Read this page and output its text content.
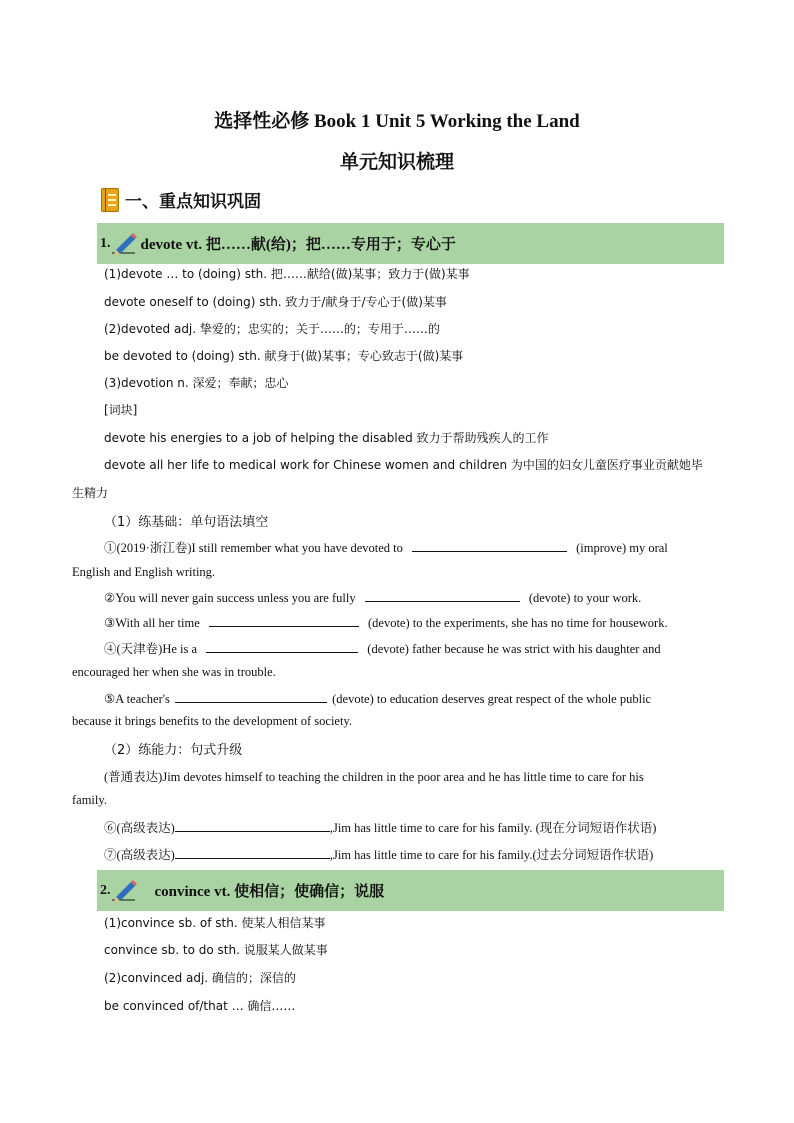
选择性必修 Book 1 Unit 5 Working the Land
单元知识梳理
一、重点知识巩固
1. devote vt. 把……献(给)；把……专用于；专心于
(1)devote … to (doing) sth. 把……献给(做)某事；致力于(做)某事
devote oneself to (doing) sth. 致力于/献身于/专心于(做)某事
(2)devoted adj. 挚爱的；忠实的；关于……的；专用于……的
be devoted to (doing) sth. 献身于(做)某事；专心致志于(做)某事
(3)devotion n. 深爱；奉献；忠心
[词块]
devote his energies to a job of helping the disabled 致力于帮助残疾人的工作
devote all her life to medical work for Chinese women and children 为中国的妇女儿童医疗事业贡献她毕
生精力
（1）练基础：单句语法填空
①(2019·浙江卷)I still remember what you have devoted to	(improve) my oral
English and English writing.
②You will never gain success unless you are fully	(devote) to your work.
③With all her time	(devote) to the experiments, she has no time for housework.
④(天津卷)He is a	(devote) father because he was strict with his daughter and
encouraged her when she was in trouble.
⑤A teacher's	(devote) to education deserves great respect of the whole public
because it brings benefits to the development of society.
（2）练能力：句式升级
(普通表达)Jim devotes himself to teaching the children in the poor area and he has little time to care for his
family.
⑥(高级表达)	,Jim has little time to care for his family. (现在分词短语作状语)
⑦(高级表达)	,Jim has little time to care for his family.(过去分词短语作状语)
2.	convince vt. 使相信；使确信；说服
(1)convince sb. of sth. 使某人相信某事
convince sb. to do sth. 说服某人做某事
(2)convinced adj. 确信的；深信的
be convinced of/that … 确信……
